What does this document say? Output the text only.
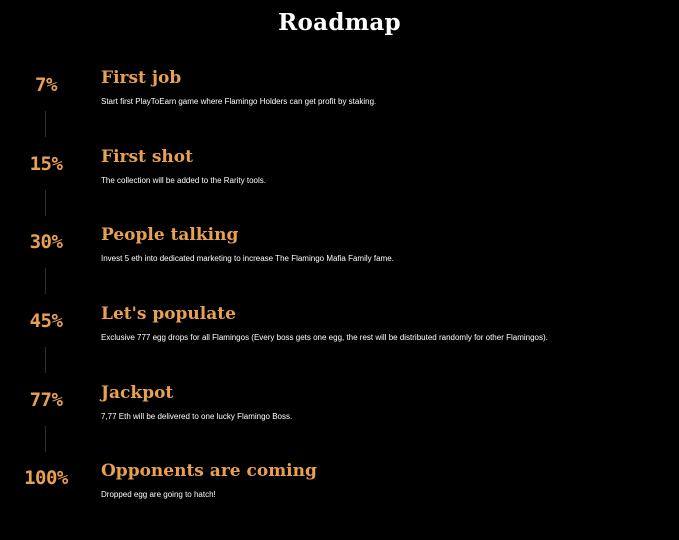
Roadmap
7%	First job
Start first PlayToEarn game where Flamingo Holders can get profit by staking.
15%	First shot
The collection will be added to the Rarity tools.
30%	People talking
Invest 5 eth into dedicated marketing to increase The Flamingo Mafia Family fame.
45%	Let's populate
Exclusive 777 egg drops for all Flamingos (Every boss gets one egg, the rest will be distributed randomly for other Flamingos).
77%	Jackpot
7,77 Eth will be delivered to one lucky Flamingo Boss.
100%	Opponents are coming
Dropped egg are going to hatch!
